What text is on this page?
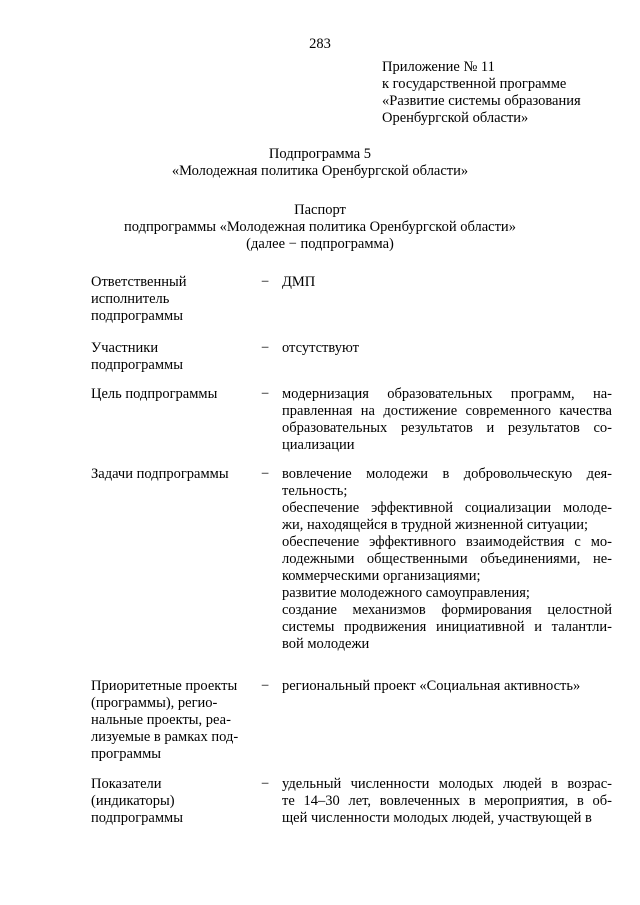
283
Приложение № 11
к государственной программе
«Развитие системы образования
Оренбургской области»
Подпрограмма 5
«Молодежная политика Оренбургской области»
Паспорт
подпрограммы «Молодежная политика Оренбургской области»
(далее − подпрограмма)

Ответственный

исполнитель

подпрограммы

− ДМП

Участники

подпрограммы

− отсутствуют

Цель подпрограммы	− модернизация образовательных программ, на-

правленная на достижение современного качества

образовательных результатов и результатов со-

циализации

Задачи подпрограммы	− вовлечение молодежи в добровольческую дея-

тельность;

обеспечение эффективной социализации молоде-

жи, находящейся в трудной жизненной ситуации;

обеспечение эффективного взаимодействия с мо-

лодежными общественными объединениями, не-

коммерческими организациями;

развитие молодежного самоуправления;

создание механизмов формирования целостной

системы продвижения инициативной и талантли-

вой молодежи

Приоритетные проекты

(программы), регио-

нальные проекты, реа-

лизуемые в рамках под-

программы

− региональный проект «Социальная активность»

Показатели

(индикаторы)

подпрограммы

− удельный численности молодых людей в возрас-

те 14–30 лет, вовлеченных в мероприятия, в об-

щей численности молодых людей, участвующей в
